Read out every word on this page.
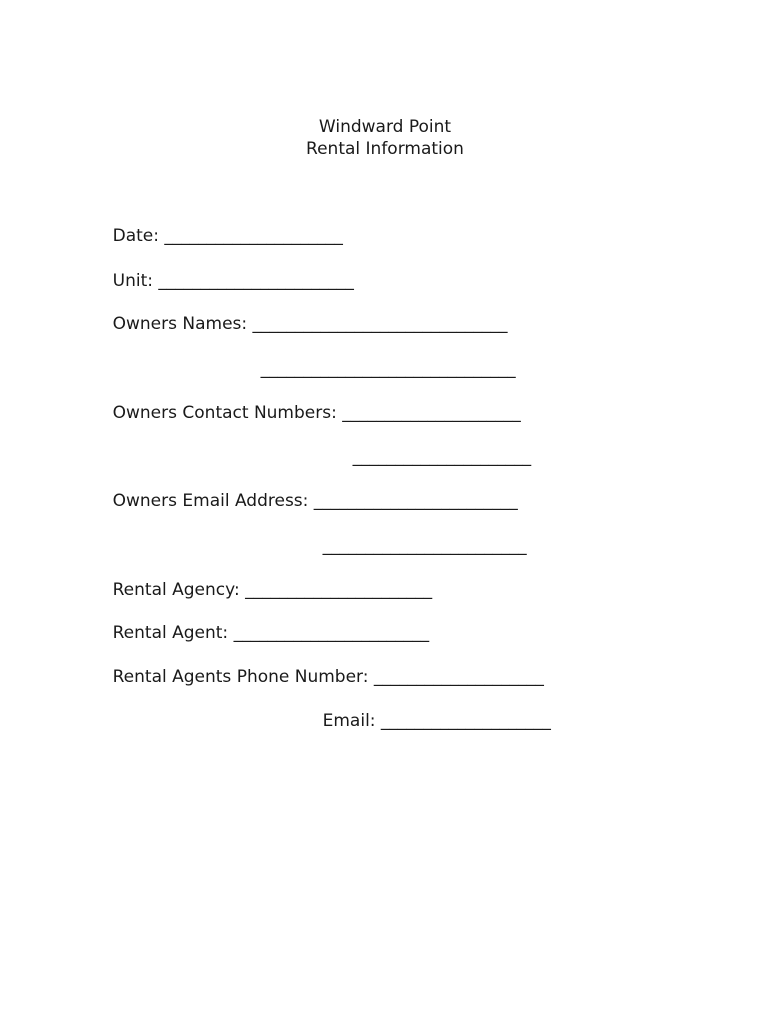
Windward Point
Rental Information

Date: _____________________

Unit: _______________________

Owners Names: ______________________________

______________________________

Owners Contact Numbers: _____________________

_____________________

Owners Email Address: ________________________

________________________

Rental Agency: ______________________

Rental Agent: _______________________

Rental Agents Phone Number: ____________________

Email: ____________________
